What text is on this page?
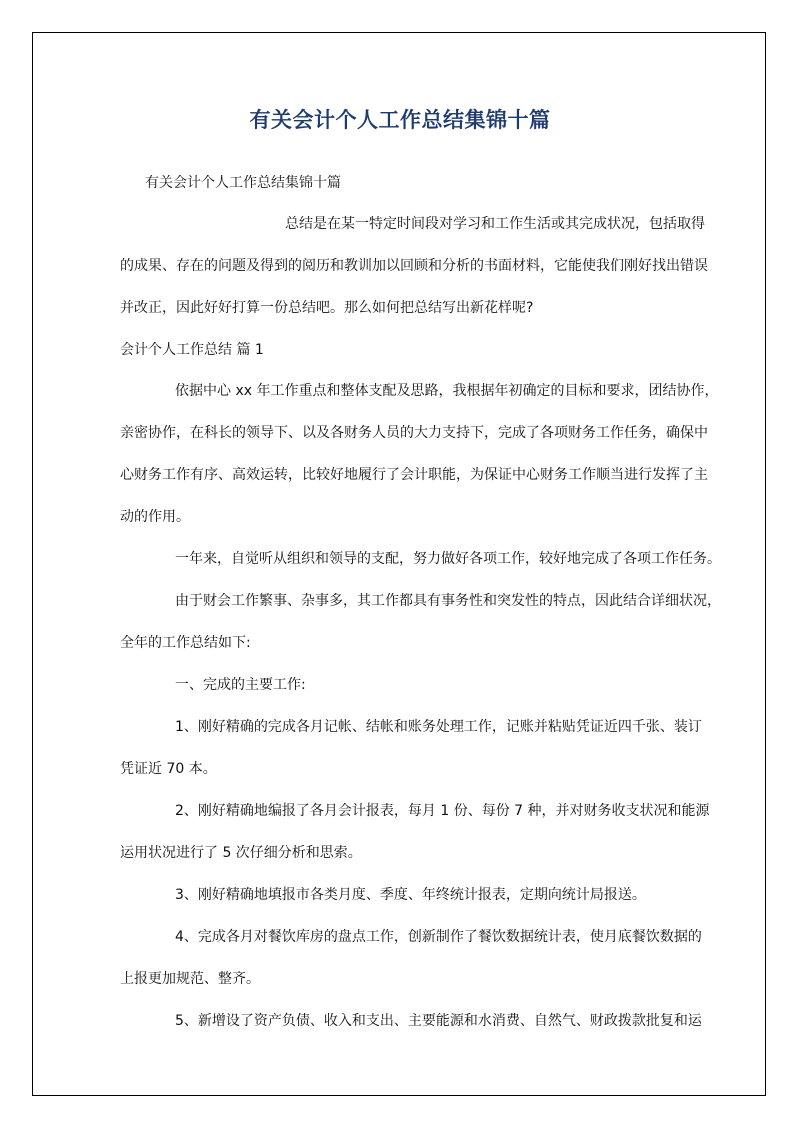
有关会计个人工作总结集锦十篇
有关会计个人工作总结集锦十篇
总结是在某一特定时间段对学习和工作生活或其完成状况，包括取得
的成果、存在的问题及得到的阅历和教训加以回顾和分析的书面材料，它能使我们刚好找出错误
并改正，因此好好打算一份总结吧。那么如何把总结写出新花样呢?
会计个人工作总结 篇 1
依据中心 xx 年工作重点和整体支配及思路，我根据年初确定的目标和要求，团结协作，
亲密协作，在科长的领导下、以及各财务人员的大力支持下，完成了各项财务工作任务，确保中
心财务工作有序、高效运转，比较好地履行了会计职能，为保证中心财务工作顺当进行发挥了主
动的作用。
一年来，自觉听从组织和领导的支配，努力做好各项工作，较好地完成了各项工作任务。
由于财会工作繁事、杂事多，其工作都具有事务性和突发性的特点，因此结合详细状况，
全年的工作总结如下:
一、完成的主要工作:
1、刚好精确的完成各月记帐、结帐和账务处理工作，记账并粘贴凭证近四千张、装订
凭证近 70 本。
2、刚好精确地编报了各月会计报表，每月 1 份、每份 7 种，并对财务收支状况和能源
运用状况进行了 5 次仔细分析和思索。
3、刚好精确地填报市各类月度、季度、年终统计报表，定期向统计局报送。
4、完成各月对餐饮库房的盘点工作，创新制作了餐饮数据统计表，使月底餐饮数据的
上报更加规范、整齐。
5、新增设了资产负债、收入和支出、主要能源和水消费、自然气、财政拨款批复和运
